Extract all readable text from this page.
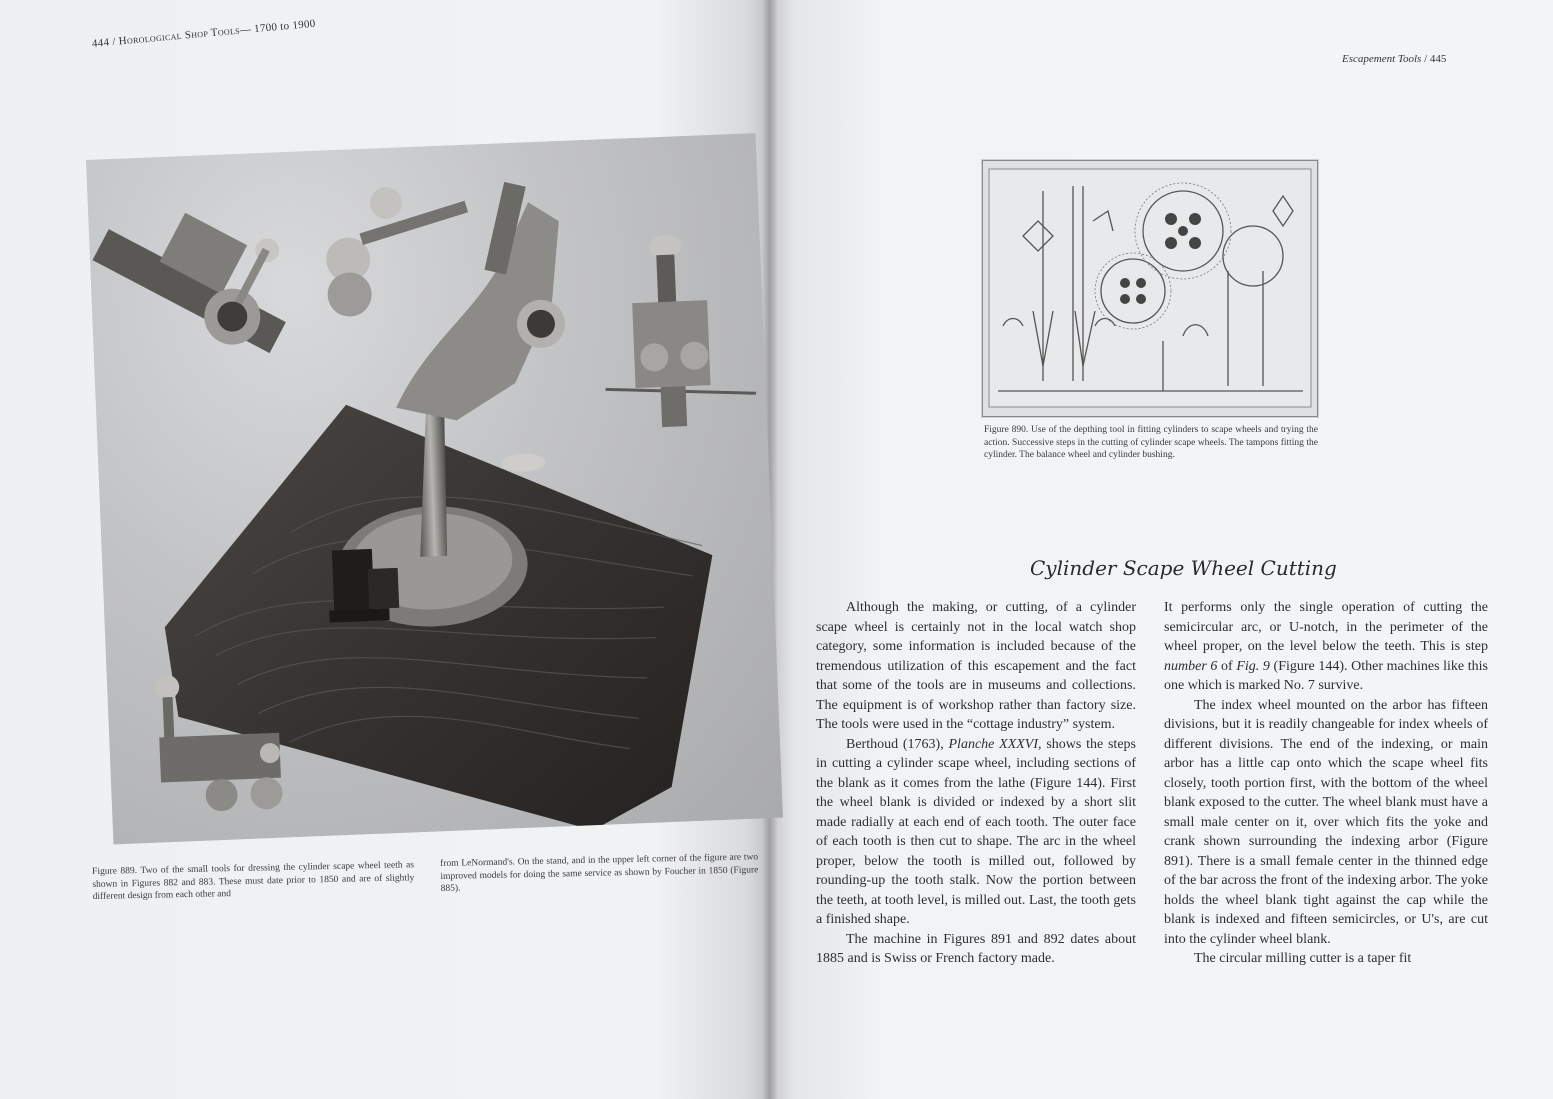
444 / Horological Shop Tools— 1700 to 1900
Figure 889. Two of the small tools for dressing the cylinder scape wheel teeth as shown in Figures 882 and 883. These must date prior to 1850 and are of slightly different design from each other and
from LeNormand's. On the stand, and in the upper left corner of the figure are two improved models for doing the same service as shown by Foucher in 1850 (Figure 885).
Escapement Tools / 445
Figure 890. Use of the depthing tool in fitting cylinders to scape wheels and trying the action. Successive steps in the cutting of cylinder scape wheels. The tampons fitting the cylinder. The balance wheel and cylinder bushing.
Cylinder Scape Wheel Cutting

Although the making, or cutting, of a cylinder scape wheel is certainly not in the local watch shop category, some information is included because of the tremendous utilization of this escapement and the fact that some of the tools are in museums and collections. The equipment is of workshop rather than factory size. The tools were used in the “cottage industry” system.

Berthoud (1763), Planche XXXVI, shows the steps in cutting a cylinder scape wheel, including sections of the blank as it comes from the lathe (Figure 144). First the wheel blank is divided or indexed by a short slit made radially at each end of each tooth. The outer face of each tooth is then cut to shape. The arc in the wheel proper, below the tooth is milled out, followed by rounding-up the tooth stalk. Now the portion between the teeth, at tooth level, is milled out. Last, the tooth gets a finished shape.

The machine in Figures 891 and 892 dates about 1885 and is Swiss or French factory made.

It performs only the single operation of cutting the semicircular arc, or U-notch, in the perimeter of the wheel proper, on the level below the teeth. This is step number 6 of Fig. 9 (Figure 144). Other machines like this one which is marked No. 7 survive.

The index wheel mounted on the arbor has fifteen divisions, but it is readily changeable for index wheels of different divisions. The end of the indexing, or main arbor has a little cap onto which the scape wheel fits closely, tooth portion first, with the bottom of the wheel blank exposed to the cutter. The wheel blank must have a small male center on it, over which fits the yoke and crank shown surrounding the indexing arbor (Figure 891). There is a small female center in the thinned edge of the bar across the front of the indexing arbor. The yoke holds the wheel blank tight against the cap while the blank is indexed and fifteen semicircles, or U's, are cut into the cylinder wheel blank.

The circular milling cutter is a taper fit
